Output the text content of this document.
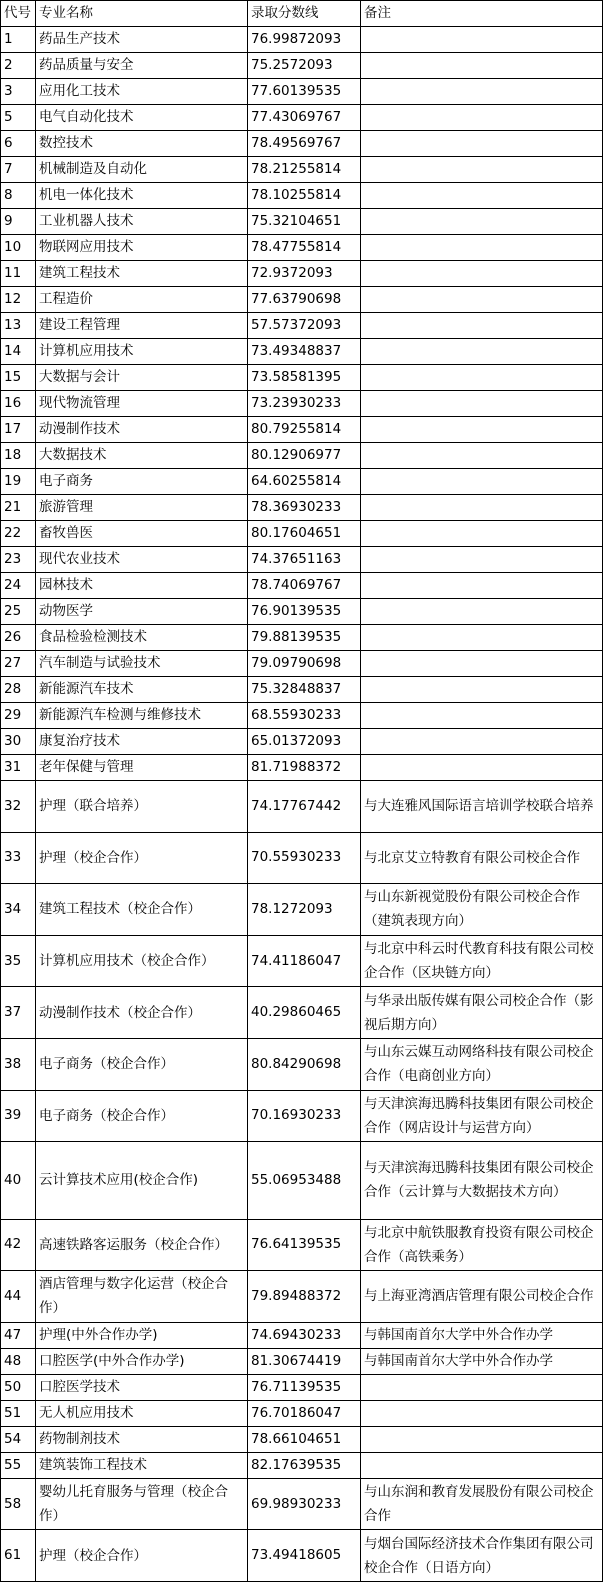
代号	专业名称	录取分数线	备注
1	药品生产技术	76.99872093	
2	药品质量与安全	75.2572093	
3	应用化工技术	77.60139535	
5	电气自动化技术	77.43069767	
6	数控技术	78.49569767	
7	机械制造及自动化	78.21255814	
8	机电一体化技术	78.10255814	
9	工业机器人技术	75.32104651	
10	物联网应用技术	78.47755814	
11	建筑工程技术	72.9372093	
12	工程造价	77.63790698	
13	建设工程管理	57.57372093	
14	计算机应用技术	73.49348837	
15	大数据与会计	73.58581395	
16	现代物流管理	73.23930233	
17	动漫制作技术	80.79255814	
18	大数据技术	80.12906977	
19	电子商务	64.60255814	
21	旅游管理	78.36930233	
22	畜牧兽医	80.17604651	
23	现代农业技术	74.37651163	
24	园林技术	78.74069767	
25	动物医学	76.90139535	
26	食品检验检测技术	79.88139535	
27	汽车制造与试验技术	79.09790698	
28	新能源汽车技术	75.32848837	
29	新能源汽车检测与维修技术	68.55930233	
30	康复治疗技术	65.01372093	
31	老年保健与管理	81.71988372	
32	护理（联合培养）	74.17767442	与大连雅风国际语言培训学校联合培养
33	护理（校企合作）	70.55930233	与北京艾立特教育有限公司校企合作
34	建筑工程技术（校企合作）	78.1272093	与山东新视觉股份有限公司校企合作（建筑表现方向）
35	计算机应用技术（校企合作）	74.41186047	与北京中科云时代教育科技有限公司校企合作（区块链方向）
37	动漫制作技术（校企合作）	40.29860465	与华录出版传媒有限公司校企合作（影视后期方向）
38	电子商务（校企合作）	80.84290698	与山东云媒互动网络科技有限公司校企合作（电商创业方向）
39	电子商务（校企合作）	70.16930233	与天津滨海迅腾科技集团有限公司校企合作（网店设计与运营方向）
40	云计算技术应用(校企合作)	55.06953488	与天津滨海迅腾科技集团有限公司校企合作（云计算与大数据技术方向）
42	高速铁路客运服务（校企合作）	76.64139535	与北京中航铁服教育投资有限公司校企合作（高铁乘务）
44	酒店管理与数字化运营（校企合作）	79.89488372	与上海亚湾酒店管理有限公司校企合作
47	护理(中外合作办学)	74.69430233	与韩国南首尔大学中外合作办学
48	口腔医学(中外合作办学)	81.30674419	与韩国南首尔大学中外合作办学
50	口腔医学技术	76.71139535	
51	无人机应用技术	76.70186047	
54	药物制剂技术	78.66104651	
55	建筑装饰工程技术	82.17639535	
58	婴幼儿托育服务与管理（校企合作）	69.98930233	与山东润和教育发展股份有限公司校企合作
61	护理（校企合作）	73.49418605	与烟台国际经济技术合作集团有限公司校企合作（日语方向）
